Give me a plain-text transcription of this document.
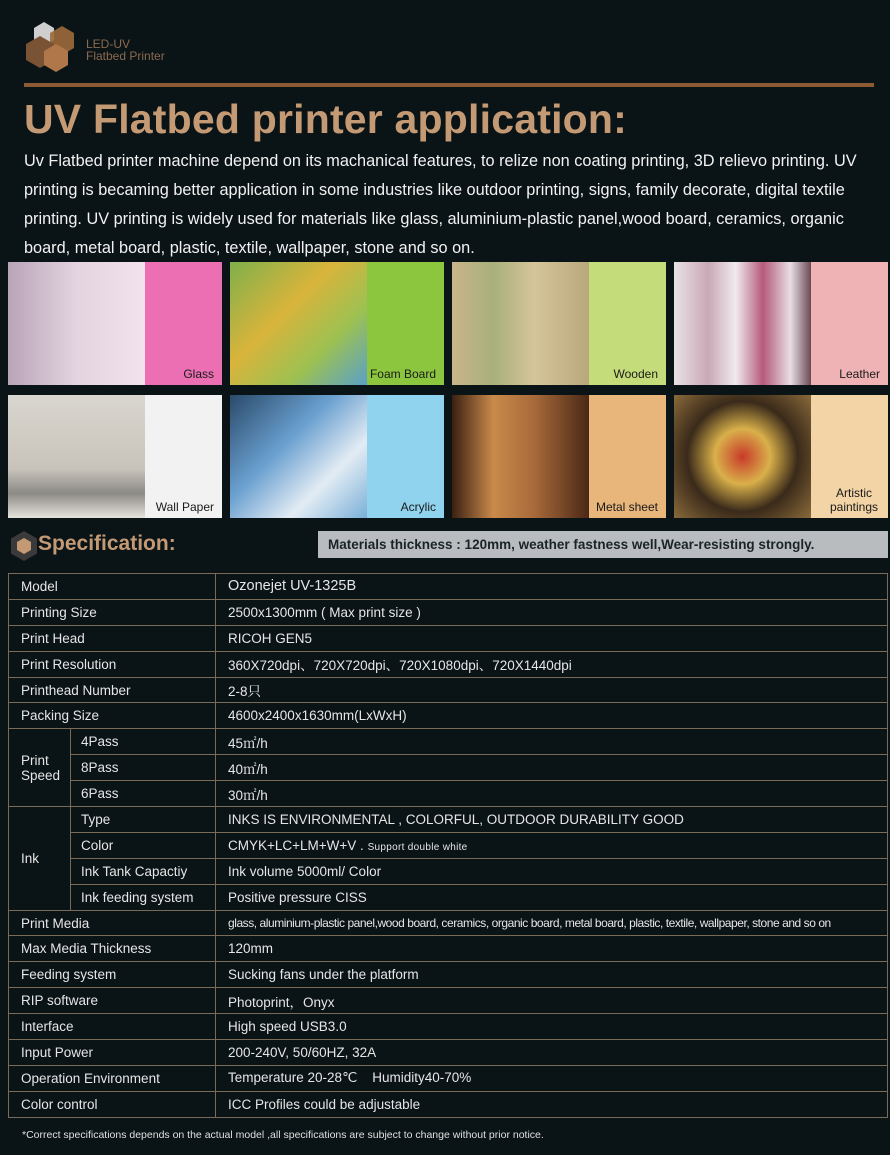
LED-UV
Flatbed Printer
UV Flatbed printer application:
Uv Flatbed printer machine depend on its machanical features, to relize non coating printing, 3D relievo printing. UV printing is becaming better application in some industries like outdoor printing, signs, family decorate, digital textile printing. UV printing is widely used for materials like glass, aluminium-plastic panel,wood board, ceramics, organic board, metal board, plastic, textile, wallpaper, stone and so on.
Glass	Foam Board	Wooden	Leather
Wall Paper	Acrylic	Metal sheet
Artistic paintings
Specification:	Materials thickness : 120mm, weather fastness well,Wear-resisting strongly.
Model		Ozonejet UV-1325B
Printing Size		2500x1300mm ( Max print size )
Print Head		RICOH GEN5
Print Resolution		360X720dpi、720X720dpi、720X1080dpi、720X1440dpi
Printhead Number		2-8只
Packing Size		4600x2400x1630mm(LxWxH)
Print Speed	4Pass	45㎡/h
	8Pass	40㎡/h
	6Pass	30㎡/h
Ink	Type	INKS IS ENVIRONMENTAL , COLORFUL, OUTDOOR DURABILITY GOOD
	Color	CMYK+LC+LM+W+V . Support double white
	Ink Tank Capactiy	Ink volume 5000ml/ Color
	Ink feeding system	Positive pressure CISS
Print Media		glass, aluminium-plastic panel,wood board, ceramics, organic board, metal board, plastic, textile, wallpaper, stone and so on
Max Media Thickness		120mm
Feeding system		Sucking fans under the platform
RIP software		Photoprint，Onyx
Interface		High speed USB3.0
Input Power		200-240V, 50/60HZ, 32A
Operation Environment		Temperature 20-28℃    Humidity40-70%
Color control		ICC Profiles could be adjustable
*Correct specifications depends on the actual model ,all specifications are subject to change without prior notice.
